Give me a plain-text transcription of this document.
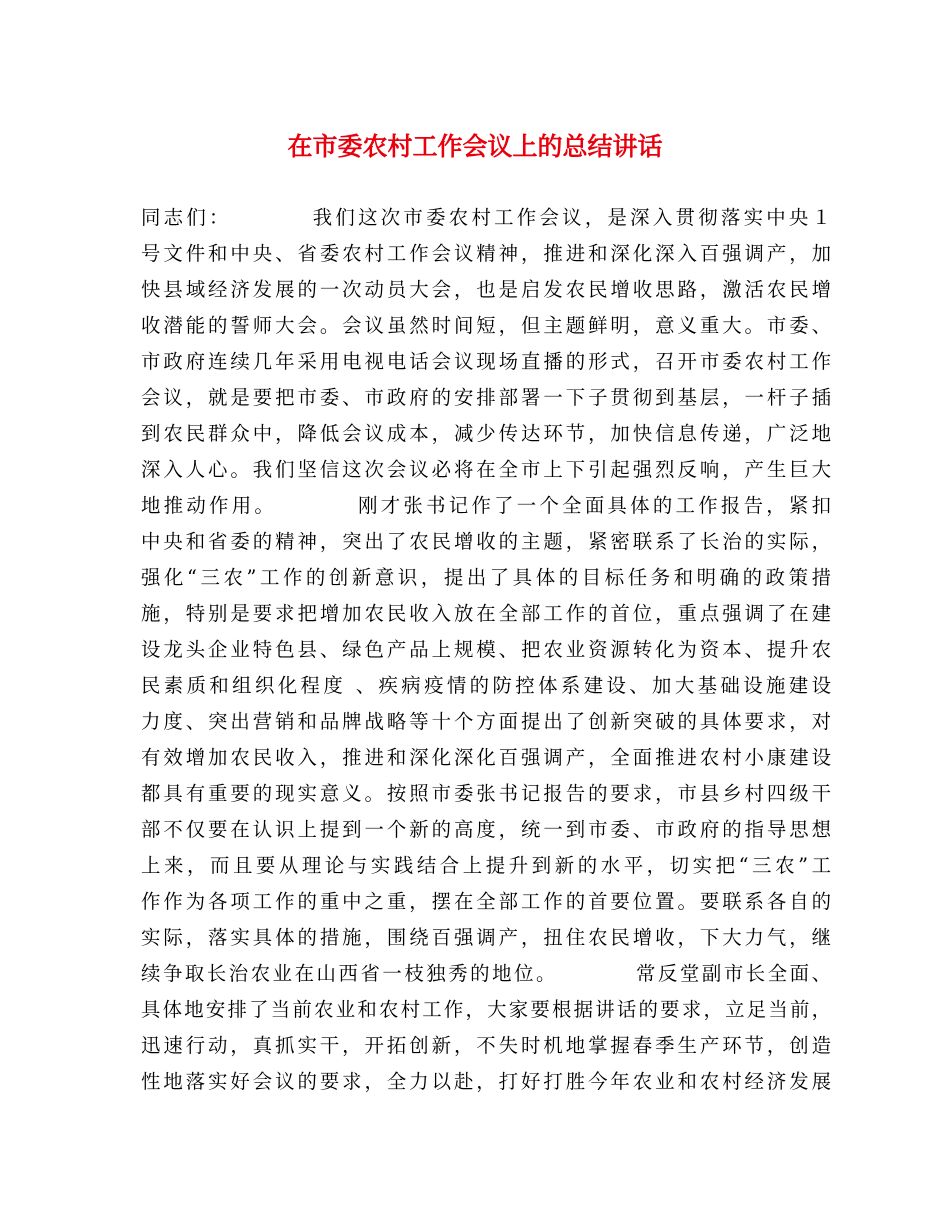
在市委农村工作会议上的总结讲话
同志们：　　　　我们这次市委农村工作会议，是深入贯彻落实中央１
号文件和中央、省委农村工作会议精神，推进和深化深入百强调产，加
快县域经济发展的一次动员大会，也是启发农民增收思路，激活农民增
收潜能的誓师大会。会议虽然时间短，但主题鲜明，意义重大。市委、
市政府连续几年采用电视电话会议现场直播的形式，召开市委农村工作
会议，就是要把市委、市政府的安排部署一下子贯彻到基层，一杆子插
到农民群众中，降低会议成本，减少传达环节，加快信息传递，广泛地
深入人心。我们坚信这次会议必将在全市上下引起强烈反响，产生巨大
地推动作用。　　　　刚才张书记作了一个全面具体的工作报告，紧扣
中央和省委的精神，突出了农民增收的主题，紧密联系了长治的实际，
强化“三农”工作的创新意识，提出了具体的目标任务和明确的政策措
施，特别是要求把增加农民收入放在全部工作的首位，重点强调了在建
设龙头企业特色县、绿色产品上规模、把农业资源转化为资本、提升农
民素质和组织化程度 、疾病疫情的防控体系建设、加大基础设施建设
力度、突出营销和品牌战略等十个方面提出了创新突破的具体要求，对
有效增加农民收入，推进和深化深化百强调产，全面推进农村小康建设
都具有重要的现实意义。按照市委张书记报告的要求，市县乡村四级干
部不仅要在认识上提到一个新的高度，统一到市委、市政府的指导思想
上来，而且要从理论与实践结合上提升到新的水平，切实把“三农”工
作作为各项工作的重中之重，摆在全部工作的首要位置。要联系各自的
实际，落实具体的措施，围绕百强调产，扭住农民增收，下大力气，继
续争取长治农业在山西省一枝独秀的地位。　　　　常反堂副市长全面、
具体地安排了当前农业和农村工作，大家要根据讲话的要求，立足当前，
迅速行动，真抓实干，开拓创新，不失时机地掌握春季生产环节，创造
性地落实好会议的要求，全力以赴，打好打胜今年农业和农村经济发展
